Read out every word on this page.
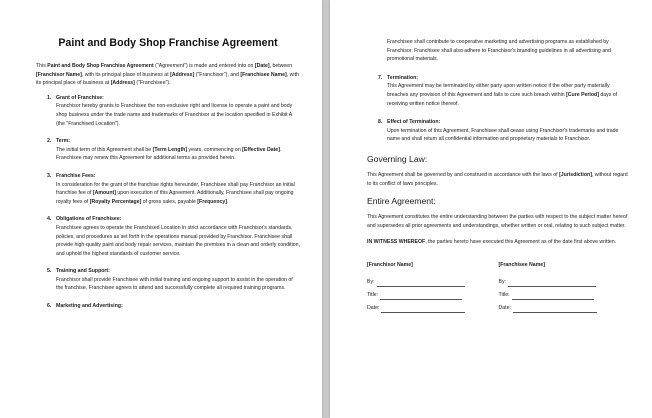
Paint and Body Shop Franchise Agreement

This Paint and Body Shop Franchise Agreement ("Agreement") is made and entered into on [Date], between [Franchisor Name], with its principal place of business at [Address] ("Franchisor"), and [Franchisee Name], with its principal place of business at [Address] ("Franchisee").

1. Grant of Franchise:

Franchisor hereby grants to Franchisee the non-exclusive right and license to operate a paint and body shop business under the trade name and trademarks of Franchisor at the location specified in Exhibit A (the "Franchised Location").

2. Term:

The initial term of this Agreement shall be [Term Length] years, commencing on [Effective Date]. Franchisee may renew this Agreement for additional terms as provided herein.

3. Franchise Fees:

In consideration for the grant of the franchise rights hereunder, Franchisee shall pay Franchisor an initial franchise fee of [Amount] upon execution of this Agreement. Additionally, Franchisee shall pay ongoing royalty fees of [Royalty Percentage] of gross sales, payable [Frequency].

4. Obligations of Franchisee:

Franchisee agrees to operate the Franchised Location in strict accordance with Franchisor's standards, policies, and procedures as set forth in the operations manual provided by Franchisor. Franchisee shall provide high-quality paint and body repair services, maintain the premises in a clean and orderly condition, and uphold the highest standards of customer service.

5. Training and Support:

Franchisor shall provide Franchisee with initial training and ongoing support to assist in the operation of the franchise. Franchisee agrees to attend and successfully complete all required training programs.

6. Marketing and Advertising:

Franchisee shall contribute to cooperative marketing and advertising programs as established by Franchisor. Franchisee shall also adhere to Franchisor's branding guidelines in all advertising and promotional materials.

7. Termination:

This Agreement may be terminated by either party upon written notice if the other party materially breaches any provision of this Agreement and fails to cure such breach within [Cure Period] days of receiving written notice thereof.

8. Effect of Termination:

Upon termination of this Agreement, Franchisee shall cease using Franchisor's trademarks and trade name and shall return all confidential information and proprietary materials to Franchisor.

Governing Law:

This Agreement shall be governed by and construed in accordance with the laws of [Jurisdiction], without regard to its conflict of laws principles.

Entire Agreement:

This Agreement constitutes the entire understanding between the parties with respect to the subject matter hereof and supersedes all prior agreements and understandings, whether written or oral, relating to such subject matter.

IN WITNESS WHEREOF, the parties hereto have executed this Agreement as of the date first above written.

[Franchisor Name]
By:
Title:
Date:
[Franchisee Name]
By:
Title:
Date:
